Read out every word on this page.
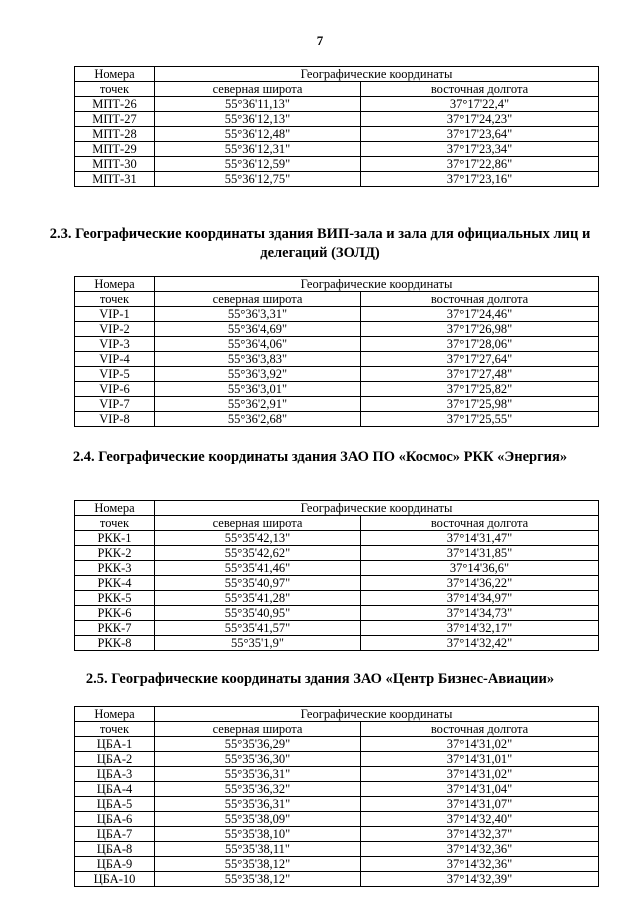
7
Номера	Географические координаты	
точек	северная широта	восточная долгота
МПТ-26	55°36'11,13"	37°17'22,4"
МПТ-27	55°36'12,13"	37°17'24,23"
МПТ-28	55°36'12,48"	37°17'23,64"
МПТ-29	55°36'12,31"	37°17'23,34"
МПТ-30	55°36'12,59"	37°17'22,86"
МПТ-31	55°36'12,75"	37°17'23,16"
2.3. Географические координаты здания ВИП-зала и зала для официальных лиц и делегаций (ЗОЛД)
Номера	Географические координаты	
точек	северная широта	восточная долгота
VIP-1	55°36'3,31"	37°17'24,46"
VIP-2	55°36'4,69"	37°17'26,98"
VIP-3	55°36'4,06"	37°17'28,06"
VIP-4	55°36'3,83"	37°17'27,64"
VIP-5	55°36'3,92"	37°17'27,48"
VIP-6	55°36'3,01"	37°17'25,82"
VIP-7	55°36'2,91"	37°17'25,98"
VIP-8	55°36'2,68"	37°17'25,55"
2.4. Географические координаты здания ЗАО ПО «Космос» РКК «Энергия»
Номера	Географические координаты	
точек	северная широта	восточная долгота
РКК-1	55°35'42,13"	37°14'31,47"
РКК-2	55°35'42,62"	37°14'31,85"
РКК-3	55°35'41,46"	37°14'36,6"
РКК-4	55°35'40,97"	37°14'36,22"
РКК-5	55°35'41,28"	37°14'34,97"
РКК-6	55°35'40,95"	37°14'34,73"
РКК-7	55°35'41,57"	37°14'32,17"
РКК-8	55°35'1,9"	37°14'32,42"
2.5. Географические координаты здания ЗАО «Центр Бизнес-Авиации»
Номера	Географические координаты	
точек	северная широта	восточная долгота
ЦБА-1	55°35'36,29"	37°14'31,02"
ЦБА-2	55°35'36,30"	37°14'31,01"
ЦБА-3	55°35'36,31"	37°14'31,02"
ЦБА-4	55°35'36,32"	37°14'31,04"
ЦБА-5	55°35'36,31"	37°14'31,07"
ЦБА-6	55°35'38,09"	37°14'32,40"
ЦБА-7	55°35'38,10"	37°14'32,37"
ЦБА-8	55°35'38,11"	37°14'32,36"
ЦБА-9	55°35'38,12"	37°14'32,36"
ЦБА-10	55°35'38,12"	37°14'32,39"
